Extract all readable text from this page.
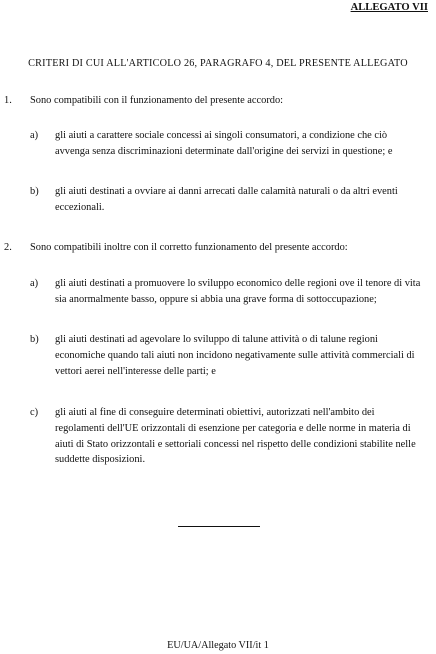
ALLEGATO VII
CRITERI DI CUI ALL'ARTICOLO 26, PARAGRAFO 4, DEL PRESENTE ALLEGATO
1. Sono compatibili con il funzionamento del presente accordo:
a) gli aiuti a carattere sociale concessi ai singoli consumatori, a condizione che ciò
avvenga senza discriminazioni determinate dall'origine dei servizi in questione; e
b) gli aiuti destinati a ovviare ai danni arrecati dalle calamità naturali o da altri eventi
eccezionali.
2. Sono compatibili inoltre con il corretto funzionamento del presente accordo:
a) gli aiuti destinati a promuovere lo sviluppo economico delle regioni ove il tenore di vita
sia anormalmente basso, oppure si abbia una grave forma di sottoccupazione;
b) gli aiuti destinati ad agevolare lo sviluppo di talune attività o di talune regioni
economiche quando tali aiuti non incidono negativamente sulle attività commerciali di
vettori aerei nell'interesse delle parti; e
c) gli aiuti al fine di conseguire determinati obiettivi, autorizzati nell'ambito dei
regolamenti dell'UE orizzontali di esenzione per categoria e delle norme in materia di
aiuti di Stato orizzontali e settoriali concessi nel rispetto delle condizioni stabilite nelle
suddette disposizioni.
EU/UA/Allegato VII/it 1
